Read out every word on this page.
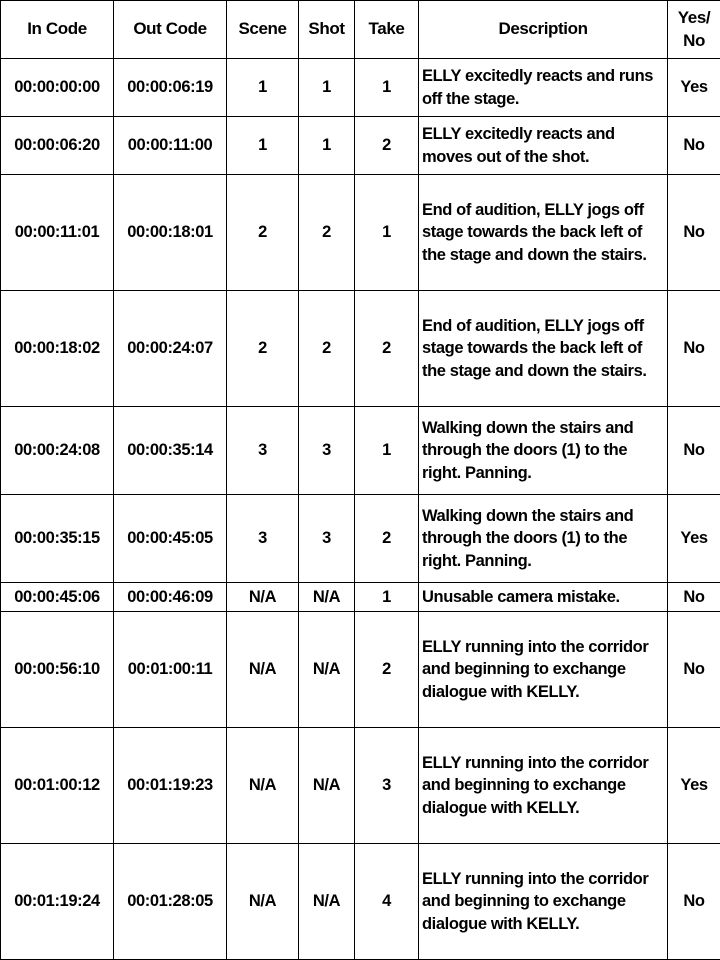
In Code	Out Code	Scene	Shot	Take	Description	Yes/ No
00:00:00:00	00:00:06:19	1	1	1	ELLY excitedly reacts and runs off the stage.	Yes
00:00:06:20	00:00:11:00	1	1	2	ELLY excitedly reacts and moves out of the shot.	No
00:00:11:01	00:00:18:01	2	2	1	End of audition, ELLY jogs off stage towards the back left of the stage and down the stairs.	No
00:00:18:02	00:00:24:07	2	2	2	End of audition, ELLY jogs off stage towards the back left of the stage and down the stairs.	No
00:00:24:08	00:00:35:14	3	3	1	Walking down the stairs and through the doors (1) to the right. Panning.	No
00:00:35:15	00:00:45:05	3	3	2	Walking down the stairs and through the doors (1) to the right. Panning.	Yes
00:00:45:06	00:00:46:09	N/A	N/A	1	Unusable camera mistake.	No
00:00:56:10	00:01:00:11	N/A	N/A	2	ELLY running into the corridor and beginning to exchange dialogue with KELLY.	No
00:01:00:12	00:01:19:23	N/A	N/A	3	ELLY running into the corridor and beginning to exchange dialogue with KELLY.	Yes
00:01:19:24	00:01:28:05	N/A	N/A	4	ELLY running into the corridor and beginning to exchange dialogue with KELLY.	No
